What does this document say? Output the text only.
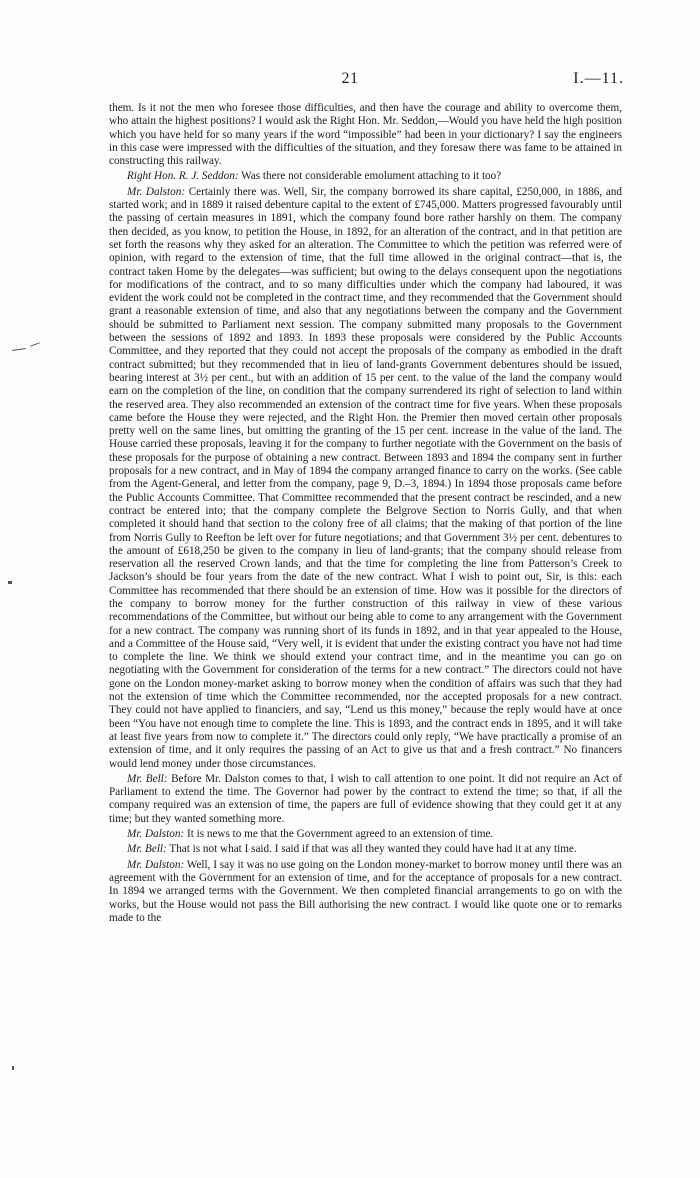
21	I.—11.

them. Is it not the men who foresee those difficulties, and then have the courage and ability to overcome them, who attain the highest positions? I would ask the Right Hon. Mr. Seddon,—Would you have held the high position which you have held for so many years if the word “impossible” had been in your dictionary? I say the engineers in this case were impressed with the difficulties of the situation, and they foresaw there was fame to be attained in constructing this railway.

Right Hon. R. J. Seddon: Was there not considerable emolument attaching to it too?

Mr. Dalston: Certainly there was. Well, Sir, the company borrowed its share capital, £250,000, in 1886, and started work; and in 1889 it raised debenture capital to the extent of £745,000. Matters progressed favourably until the passing of certain measures in 1891, which the company found bore rather harshly on them. The company then decided, as you know, to petition the House, in 1892, for an alteration of the contract, and in that petition are set forth the reasons why they asked for an alteration. The Committee to which the petition was referred were of opinion, with regard to the extension of time, that the full time allowed in the original contract—that is, the contract taken Home by the delegates—was sufficient; but owing to the delays consequent upon the negotiations for modifications of the contract, and to so many difficulties under which the company had laboured, it was evident the work could not be completed in the contract time, and they recommended that the Government should grant a reasonable extension of time, and also that any negotiations between the company and the Government should be submitted to Parliament next session. The company submitted many proposals to the Government between the sessions of 1892 and 1893. In 1893 these proposals were considered by the Public Accounts Committee, and they reported that they could not accept the proposals of the company as embodied in the draft contract submitted; but they recommended that in lieu of land-grants Government debentures should be issued, bearing interest at 3½ per cent., but with an addition of 15 per cent. to the value of the land the company would earn on the completion of the line, on condition that the company surrendered its right of selection to land within the reserved area. They also recommended an extension of the contract time for five years. When these proposals came before the House they were rejected, and the Right Hon. the Premier then moved certain other proposals pretty well on the same lines, but omitting the granting of the 15 per cent. increase in the value of the land. The House carried these proposals, leaving it for the company to further negotiate with the Government on the basis of these proposals for the purpose of obtaining a new contract. Between 1893 and 1894 the company sent in further proposals for a new contract, and in May of 1894 the company arranged finance to carry on the works. (See cable from the Agent-General, and letter from the company, page 9, D.–3, 1894.) In 1894 those proposals came before the Public Accounts Committee. That Committee recommended that the present contract be rescinded, and a new contract be entered into; that the company complete the Belgrove Section to Norris Gully, and that when completed it should hand that section to the colony free of all claims; that the making of that portion of the line from Norris Gully to Reefton be left over for future negotiations; and that Government 3½ per cent. debentures to the amount of £618,250 be given to the company in lieu of land-grants; that the company should release from reservation all the reserved Crown lands, and that the time for completing the line from Patterson’s Creek to Jackson’s should be four years from the date of the new contract. What I wish to point out, Sir, is this: each Committee has recommended that there should be an extension of time. How was it possible for the directors of the company to borrow money for the further construction of this railway in view of these various recommendations of the Committee, but without our being able to come to any arrangement with the Government for a new contract. The company was running short of its funds in 1892, and in that year appealed to the House, and a Committee of the House said, “Very well, it is evident that under the existing contract you have not had time to complete the line. We think we should extend your contract time, and in the meantime you can go on negotiating with the Government for consideration of the terms for a new contract.” The directors could not have gone on the London money-market asking to borrow money when the condition of affairs was such that they had not the extension of time which the Committee recommended, nor the accepted proposals for a new contract. They could not have applied to financiers, and say, “Lend us this money,” because the reply would have at once been “You have not enough time to complete the line. This is 1893, and the contract ends in 1895, and it will take at least five years from now to complete it.” The directors could only reply, “We have practically a promise of an extension of time, and it only requires the passing of an Act to give us that and a fresh contract.” No financers would lend money under those circumstances.

Mr. Bell: Before Mr. Dalston comes to that, I wish to call attention to one point. It did not require an Act of Parliament to extend the time. The Governor had power by the contract to extend the time; so that, if all the company required was an extension of time, the papers are full of evidence showing that they could get it at any time; but they wanted something more.

Mr. Dalston: It is news to me that the Government agreed to an extension of time.

Mr. Bell: That is not what I said. I said if that was all they wanted they could have had it at any time.

Mr. Dalston: Well, I say it was no use going on the London money-market to borrow money until there was an agreement with the Government for an extension of time, and for the acceptance of proposals for a new contract. In 1894 we arranged terms with the Government. We then completed financial arrangements to go on with the works, but the House would not pass the Bill authorising the new contract. I would like quote one or to remarks made to the
